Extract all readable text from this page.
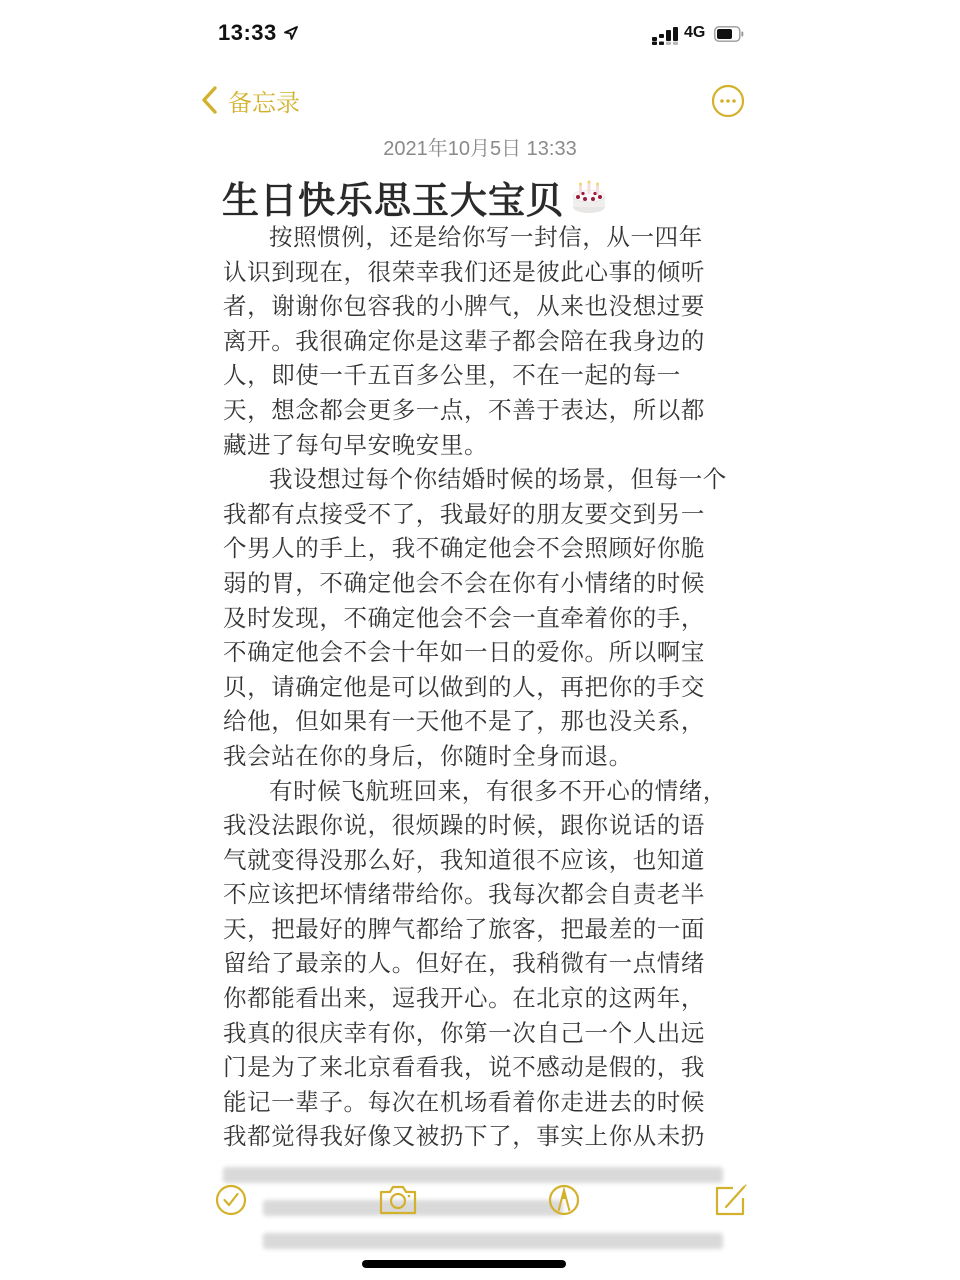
13:33	4G
备忘录
2021年10月5日 13:33
生日快乐思玉大宝贝
按照惯例，还是给你写一封信，从一四年
认识到现在，很荣幸我们还是彼此心事的倾听
者，谢谢你包容我的小脾气，从来也没想过要
离开。我很确定你是这辈子都会陪在我身边的
人，即使一千五百多公里，不在一起的每一
天，想念都会更多一点，不善于表达，所以都
藏进了每句早安晚安里。
我设想过每个你结婚时候的场景，但每一个
我都有点接受不了，我最好的朋友要交到另一
个男人的手上，我不确定他会不会照顾好你脆
弱的胃，不确定他会不会在你有小情绪的时候
及时发现，不确定他会不会一直牵着你的手，
不确定他会不会十年如一日的爱你。所以啊宝
贝，请确定他是可以做到的人，再把你的手交
给他，但如果有一天他不是了，那也没关系，
我会站在你的身后，你随时全身而退。
有时候飞航班回来，有很多不开心的情绪，
我没法跟你说，很烦躁的时候，跟你说话的语
气就变得没那么好，我知道很不应该，也知道
不应该把坏情绪带给你。我每次都会自责老半
天，把最好的脾气都给了旅客，把最差的一面
留给了最亲的人。但好在，我稍微有一点情绪
你都能看出来，逗我开心。在北京的这两年，
我真的很庆幸有你，你第一次自己一个人出远
门是为了来北京看看我，说不感动是假的，我
能记一辈子。每次在机场看着你走进去的时候
我都觉得我好像又被扔下了，事实上你从未扔
